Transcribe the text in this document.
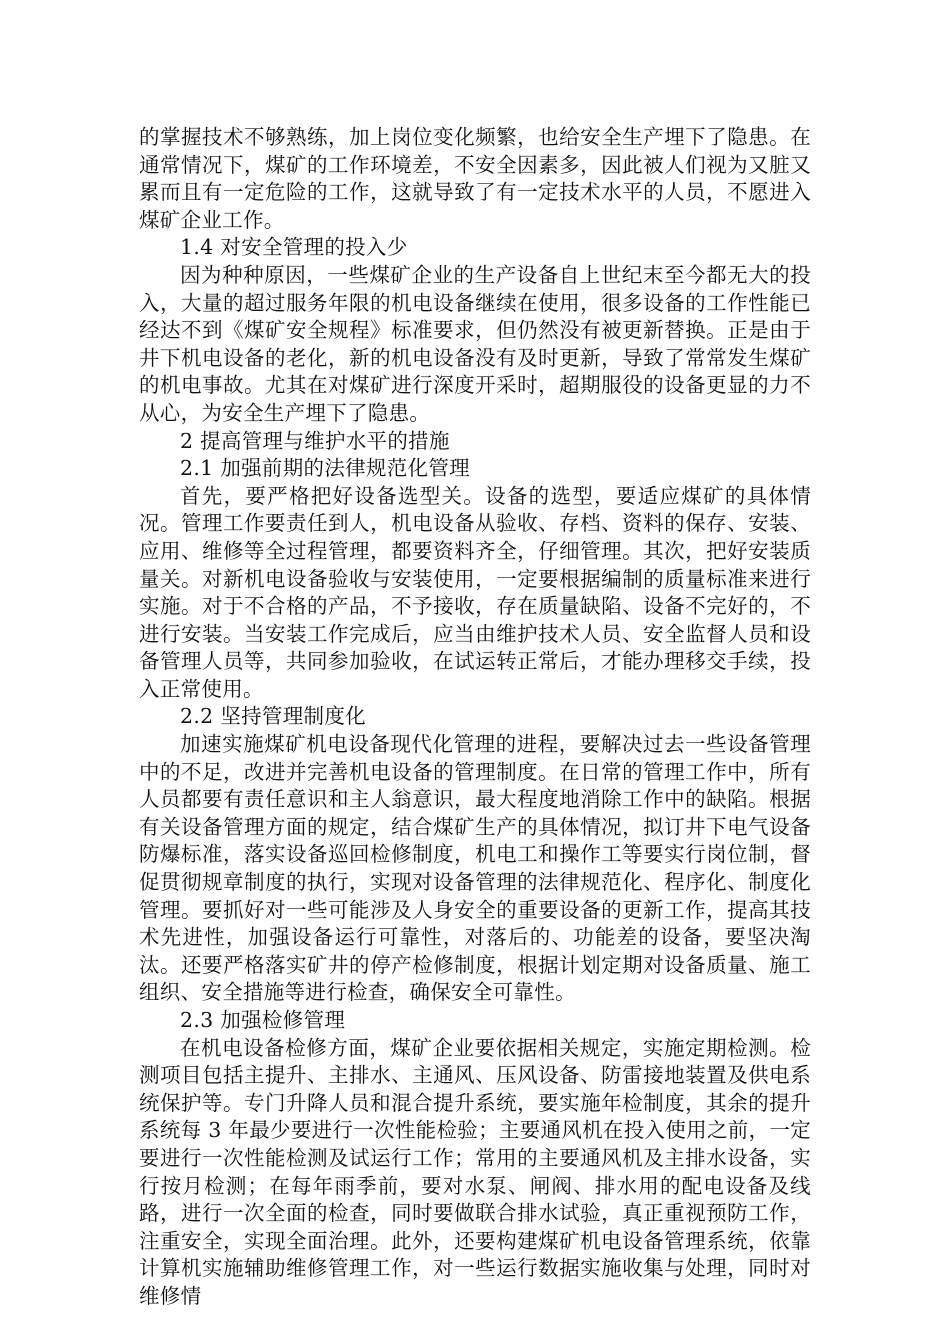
的掌握技术不够熟练，加上岗位变化频繁，也给安全生产埋下了隐患。在通常情况下，煤矿的工作环境差，不安全因素多，因此被人们视为又脏又累而且有一定危险的工作，这就导致了有一定技术水平的人员，不愿进入煤矿企业工作。

1.4 对安全管理的投入少

因为种种原因，一些煤矿企业的生产设备自上世纪末至今都无大的投入，大量的超过服务年限的机电设备继续在使用，很多设备的工作性能已经达不到《煤矿安全规程》标准要求，但仍然没有被更新替换。正是由于井下机电设备的老化，新的机电设备没有及时更新，导致了常常发生煤矿的机电事故。尤其在对煤矿进行深度开采时，超期服役的设备更显的力不从心，为安全生产埋下了隐患。

2 提高管理与维护水平的措施

2.1 加强前期的法律规范化管理

首先，要严格把好设备选型关。设备的选型，要适应煤矿的具体情况。管理工作要责任到人，机电设备从验收、存档、资料的保存、安装、应用、维修等全过程管理，都要资料齐全，仔细管理。其次，把好安装质量关。对新机电设备验收与安装使用，一定要根据编制的质量标准来进行实施。对于不合格的产品，不予接收，存在质量缺陷、设备不完好的，不进行安装。当安装工作完成后，应当由维护技术人员、安全监督人员和设备管理人员等，共同参加验收，在试运转正常后，才能办理移交手续，投入正常使用。

2.2 坚持管理制度化

加速实施煤矿机电设备现代化管理的进程，要解决过去一些设备管理中的不足，改进并完善机电设备的管理制度。在日常的管理工作中，所有人员都要有责任意识和主人翁意识，最大程度地消除工作中的缺陷。根据有关设备管理方面的规定，结合煤矿生产的具体情况，拟订井下电气设备防爆标准，落实设备巡回检修制度，机电工和操作工等要实行岗位制，督促贯彻规章制度的执行，实现对设备管理的法律规范化、程序化、制度化管理。要抓好对一些可能涉及人身安全的重要设备的更新工作，提高其技术先进性，加强设备运行可靠性，对落后的、功能差的设备，要坚决淘汰。还要严格落实矿井的停产检修制度，根据计划定期对设备质量、施工组织、安全措施等进行检查，确保安全可靠性。

2.3 加强检修管理

在机电设备检修方面，煤矿企业要依据相关规定，实施定期检测。检测项目包括主提升、主排水、主通风、压风设备、防雷接地装置及供电系统保护等。专门升降人员和混合提升系统，要实施年检制度，其余的提升系统每 3 年最少要进行一次性能检验；主要通风机在投入使用之前，一定要进行一次性能检测及试运行工作；常用的主要通风机及主排水设备，实行按月检测；在每年雨季前，要对水泵、闸阀、排水用的配电设备及线路，进行一次全面的检查，同时要做联合排水试验，真正重视预防工作，注重安全，实现全面治理。此外，还要构建煤矿机电设备管理系统，依靠计算机实施辅助维修管理工作，对一些运行数据实施收集与处理，同时对维修情
